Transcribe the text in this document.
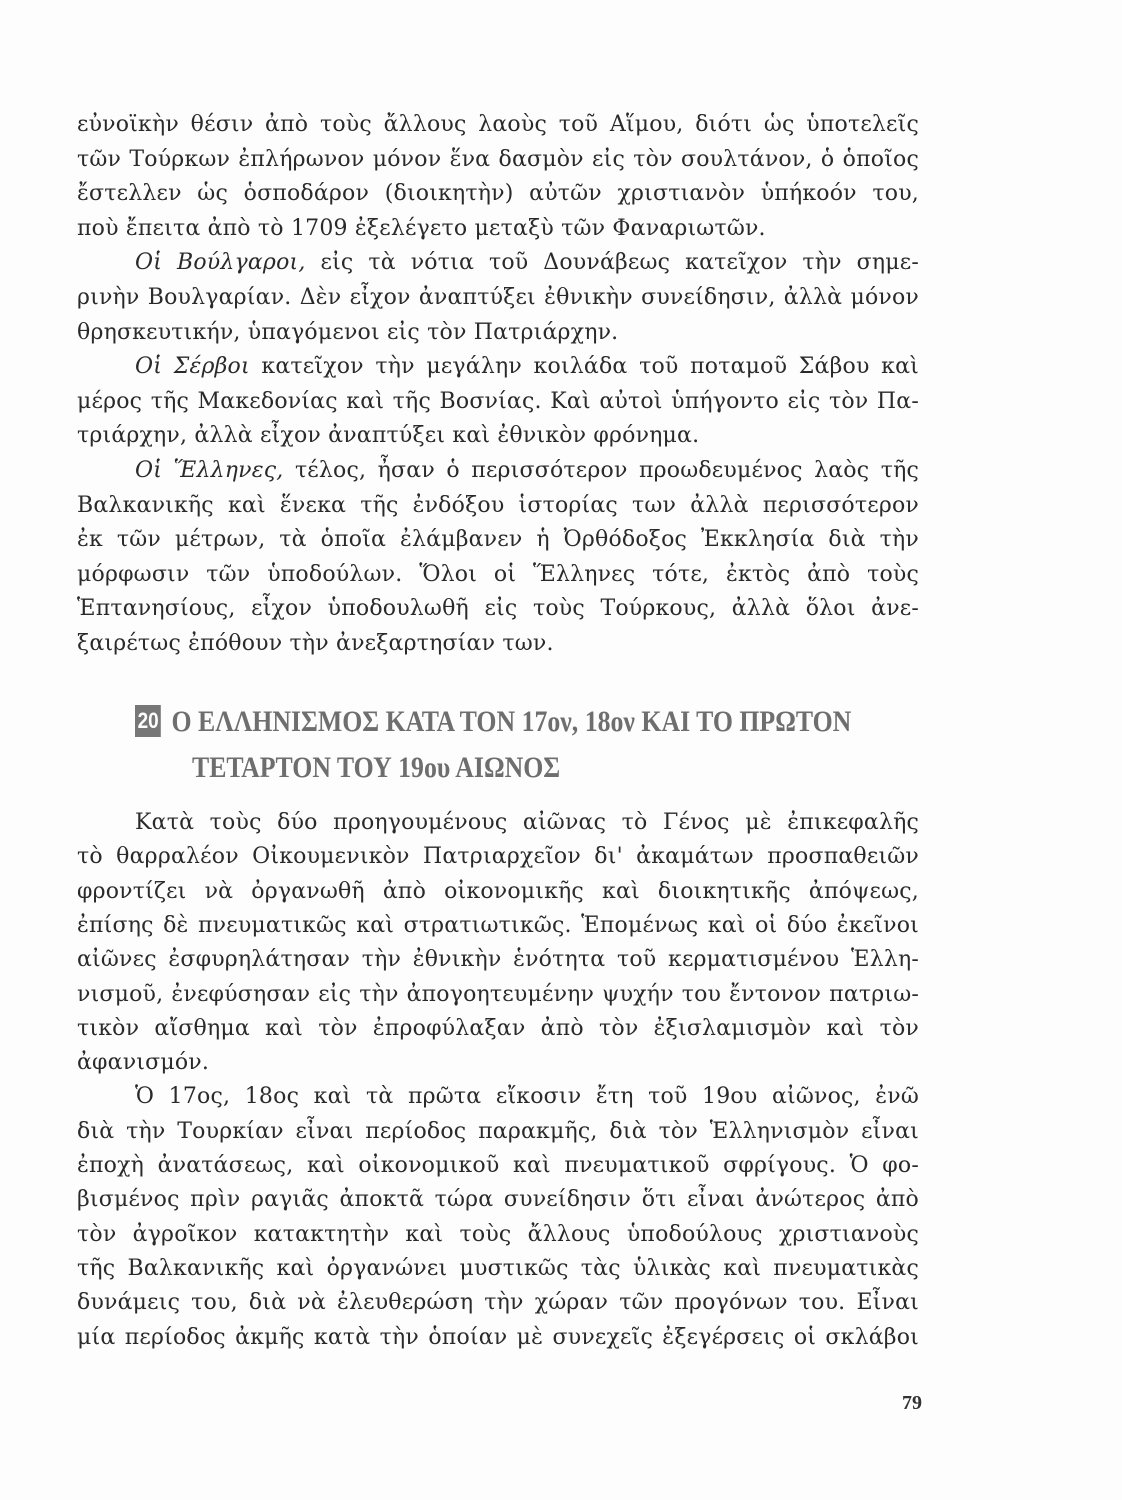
εὐνοϊκὴν θέσιν ἀπὸ τοὺς ἄλλους λαοὺς τοῦ Αἵμου, διότι ὡς ὑποτελεῖς
τῶν Τούρκων ἐπλήρωνον μόνον ἕνα δασμὸν εἰς τὸν σουλτάνον, ὁ ὁποῖος
ἔστελλεν ὡς ὁσποδάρον (διοικητὴν) αὐτῶν χριστιανὸν ὑπήκοόν του,
ποὺ ἔπειτα ἀπὸ τὸ 1709 ἐξελέγετο μεταξὺ τῶν Φαναριωτῶν.
Οἱ Βούλγαροι, εἰς τὰ νότια τοῦ Δουνάβεως κατεῖχον τὴν σημε-
ρινὴν Βουλγαρίαν. Δὲν εἶχον ἀναπτύξει ἐθνικὴν συνείδησιν, ἀλλὰ μόνον
θρησκευτικήν, ὑπαγόμενοι εἰς τὸν Πατριάρχην.
Οἱ Σέρβοι κατεῖχον τὴν μεγάλην κοιλάδα τοῦ ποταμοῦ Σάβου καὶ
μέρος τῆς Μακεδονίας καὶ τῆς Βοσνίας. Καὶ αὐτοὶ ὑπήγοντο εἰς τὸν Πα-
τριάρχην, ἀλλὰ εἶχον ἀναπτύξει καὶ ἐθνικὸν φρόνημα.
Οἱ Ἕλληνες, τέλος, ἦσαν ὁ περισσότερον προωδευμένος λαὸς τῆς
Βαλκανικῆς καὶ ἕνεκα τῆς ἐνδόξου ἱστορίας των ἀλλὰ περισσότερον
ἐκ τῶν μέτρων, τὰ ὁποῖα ἐλάμβανεν ἡ Ὀρθόδοξος Ἐκκλησία διὰ τὴν
μόρφωσιν τῶν ὑποδούλων. Ὅλοι οἱ Ἕλληνες τότε, ἐκτὸς ἀπὸ τοὺς
Ἑπτανησίους, εἶχον ὑποδουλωθῆ εἰς τοὺς Τούρκους, ἀλλὰ ὅλοι ἀνε-
ξαιρέτως ἐπόθουν τὴν ἀνεξαρτησίαν των.
20 Ο ΕΛΛΗΝΙΣΜΟΣ ΚΑΤΑ ΤΟΝ 17ον, 18ον ΚΑΙ ΤΟ ΠΡΩΤΟΝ
ΤΕΤΑΡΤΟΝ ΤΟΥ 19ου ΑΙΩΝΟΣ
Κατὰ τοὺς δύο προηγουμένους αἰῶνας τὸ Γένος μὲ ἐπικεφαλῆς
τὸ θαρραλέον Οἰκουμενικὸν Πατριαρχεῖον δι' ἀκαμάτων προσπαθειῶν
φροντίζει νὰ ὀργανωθῆ ἀπὸ οἰκονομικῆς καὶ διοικητικῆς ἀπόψεως,
ἐπίσης δὲ πνευματικῶς καὶ στρατιωτικῶς. Ἑπομένως καὶ οἱ δύο ἐκεῖνοι
αἰῶνες ἐσφυρηλάτησαν τὴν ἐθνικὴν ἑνότητα τοῦ κερματισμένου Ἑλλη-
νισμοῦ, ἐνεφύσησαν εἰς τὴν ἀπογοητευμένην ψυχήν του ἔντονον πατριω-
τικὸν αἴσθημα καὶ τὸν ἐπροφύλαξαν ἀπὸ τὸν ἐξισλαμισμὸν καὶ τὸν
ἀφανισμόν.
Ὁ 17ος, 18ος καὶ τὰ πρῶτα εἴκοσιν ἔτη τοῦ 19ου αἰῶνος, ἐνῶ
διὰ τὴν Τουρκίαν εἶναι περίοδος παρακμῆς, διὰ τὸν Ἑλληνισμὸν εἶναι
ἐποχὴ ἀνατάσεως, καὶ οἰκονομικοῦ καὶ πνευματικοῦ σφρίγους. Ὁ φο-
βισμένος πρὶν ραγιᾶς ἀποκτᾶ τώρα συνείδησιν ὅτι εἶναι ἀνώτερος ἀπὸ
τὸν ἀγροῖκον κατακτητὴν καὶ τοὺς ἄλλους ὑποδούλους χριστιανοὺς
τῆς Βαλκανικῆς καὶ ὀργανώνει μυστικῶς τὰς ὑλικὰς καὶ πνευματικὰς
δυνάμεις του, διὰ νὰ ἐλευθερώση τὴν χώραν τῶν προγόνων του. Εἶναι
μία περίοδος ἀκμῆς κατὰ τὴν ὁποίαν μὲ συνεχεῖς ἐξεγέρσεις οἱ σκλάβοι
79
